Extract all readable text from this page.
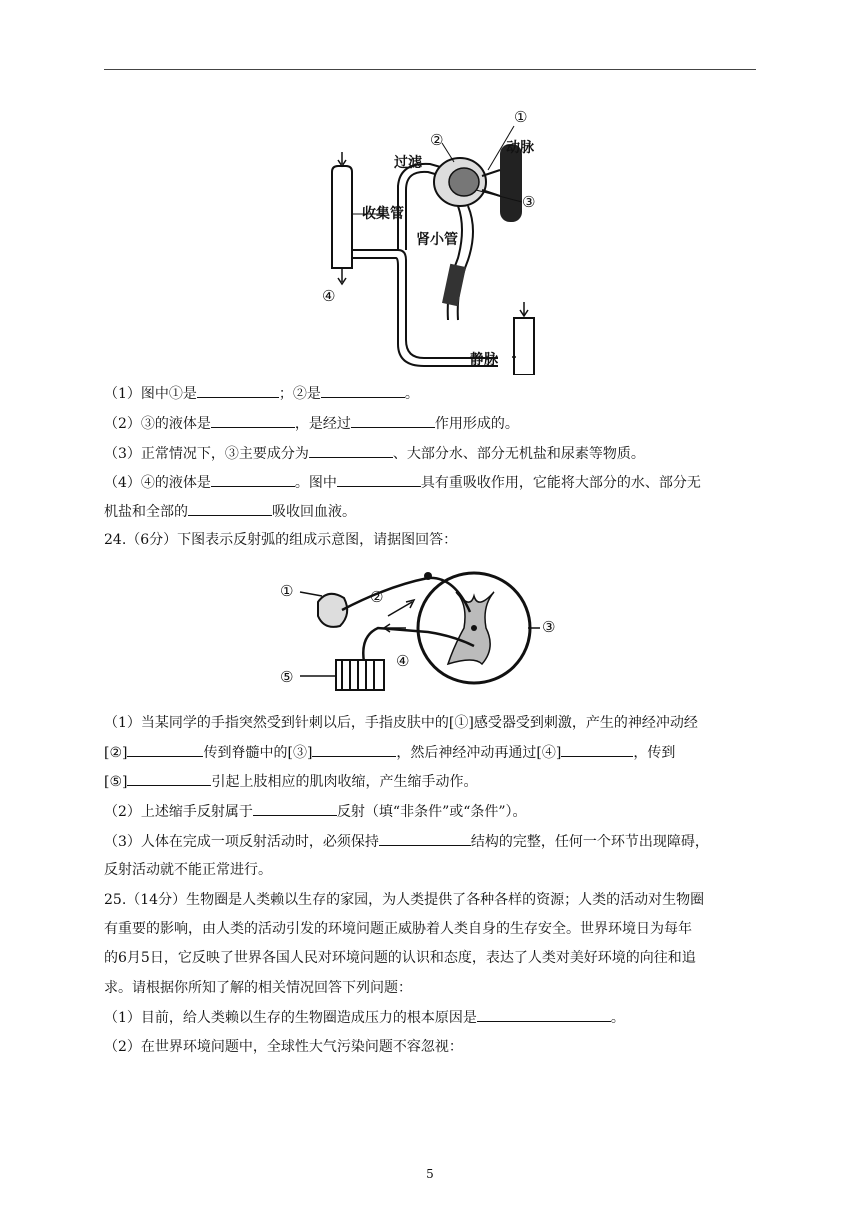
①
②
③
④
动脉
过滤
收集管
肾小管
静脉
（1）图中①是	；②是	。
（2）③的液体是	，是经过	作用形成的。
（3）正常情况下，③主要成分为	、大部分水、部分无机盐和尿素等物质。
（4）④的液体是	。图中	具有重吸收作用，它能将大部分的水、部分无
机盐和全部的	吸收回血液。
24.（6分）下图表示反射弧的组成示意图，请据图回答：
①	②
③
④
⑤
（1）当某同学的手指突然受到针刺以后，手指皮肤中的[①]感受器受到刺激，产生的神经冲动经
[②]	传到脊髓中的[③]	，然后神经冲动再通过[④]	，传到
[⑤]	引起上肢相应的肌肉收缩，产生缩手动作。
（2）上述缩手反射属于	反射（填“非条件”或“条件”）。
（3）人体在完成一项反射活动时，必须保持	结构的完整，任何一个环节出现障碍，
反射活动就不能正常进行。
25.（14分）生物圈是人类赖以生存的家园，为人类提供了各种各样的资源；人类的活动对生物圈
有重要的影响，由人类的活动引发的环境问题正威胁着人类自身的生存安全。世界环境日为每年
的6月5日，它反映了世界各国人民对环境问题的认识和态度，表达了人类对美好环境的向往和追
求。请根据你所知了解的相关情况回答下列问题：
（1）目前，给人类赖以生存的生物圈造成压力的根本原因是	。
（2）在世界环境问题中，全球性大气污染问题不容忽视：
5
